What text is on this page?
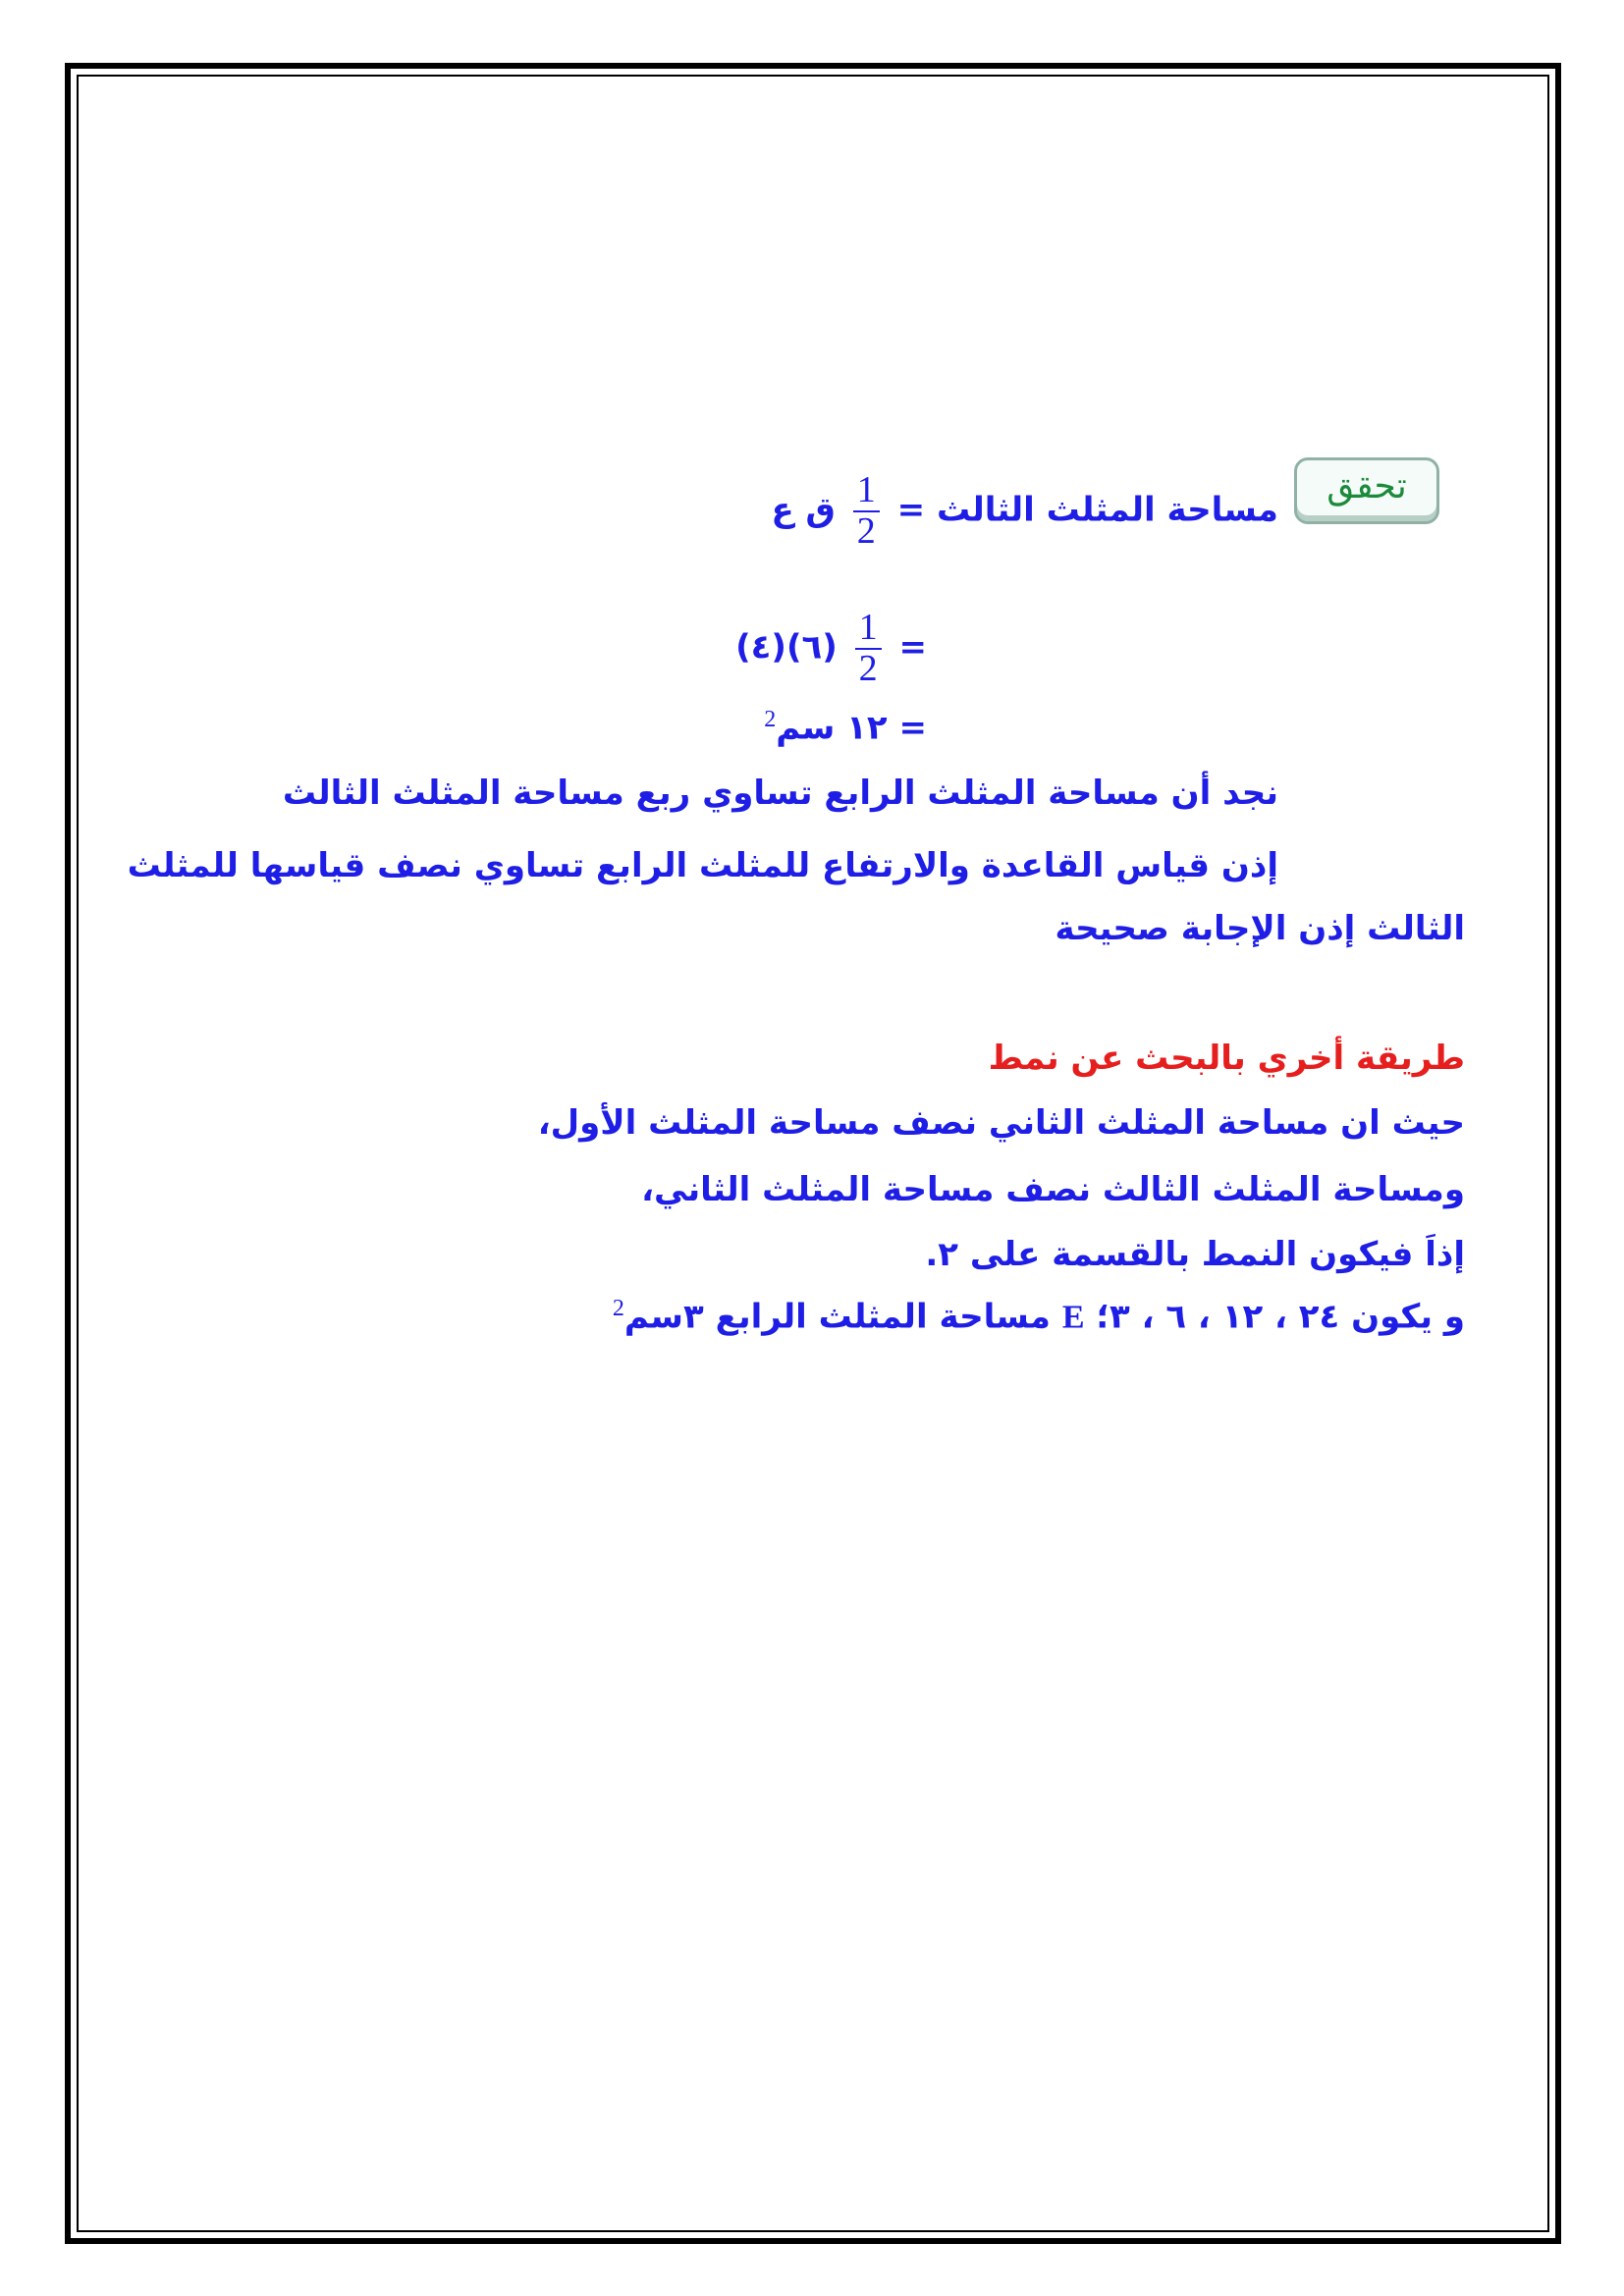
تحقق
مساحة المثلث الثالث =
$\frac{1}{2}$
ق ع
=
$\frac{1}{2}$
(٦)(٤)
= ١٢ سم$^2$
نجد أن مساحة المثلث الرابع تساوي ربع مساحة المثلث الثالث
إذن قياس القاعدة والارتفاع للمثلث الرابع تساوي نصف قياسها للمثلث
الثالث إذن الإجابة صحيحة
طريقة أخري بالبحث عن نمط
حيث ان مساحة المثلث الثاني نصف مساحة المثلث الأول،
ومساحة المثلث الثالث نصف مساحة المثلث الثاني،
إذاَ فيكون النمط بالقسمة على ٢.
و يكون ٢٤ ، ١٢ ، ٦ ، ٣؛ E مساحة المثلث الرابع ٣سم$^2$
